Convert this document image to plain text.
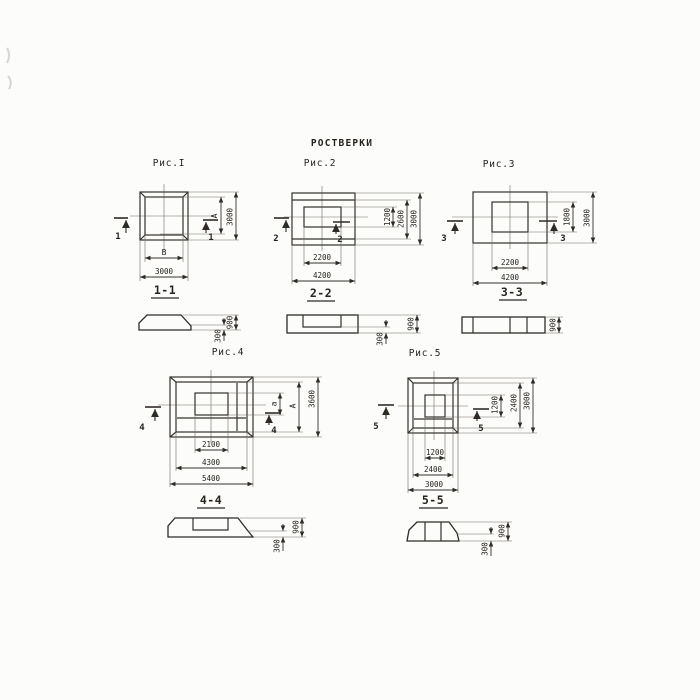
РОСТВЕРКИ
Рис.I
А 3000
В
3000
1	1
1-1
900
300
Рис.2
1200 2600 3000
2200
4200
2	2
2-2
900
300
Рис.3
1800 3000
2200
4200
3	3
3-3
900
Рис.4
а А 3600
2100
4300
5400
4	4
4-4
900
300
Рис.5
1200 2400 3000
1200
2400
3000
5	5
5-5
900
300
